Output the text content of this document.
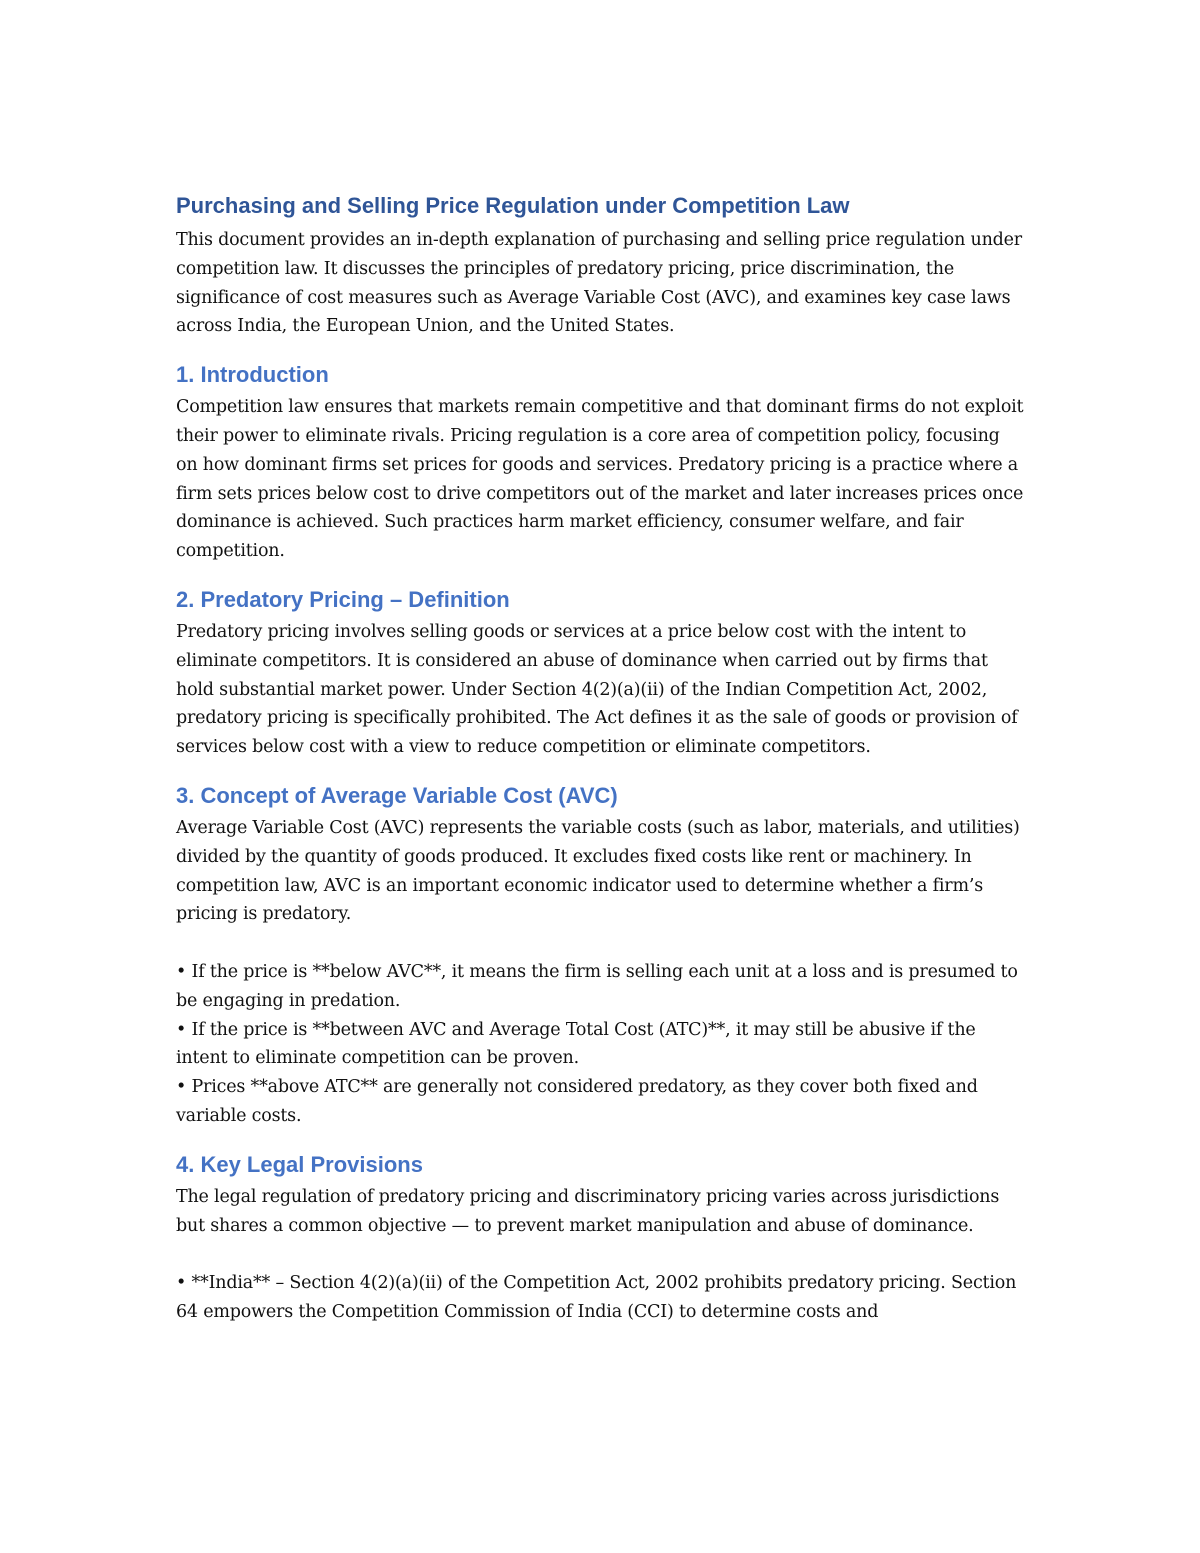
Purchasing and Selling Price Regulation under Competition Law

This document provides an in-depth explanation of purchasing and selling price regulation under competition law. It discusses the principles of predatory pricing, price discrimination, the significance of cost measures such as Average Variable Cost (AVC), and examines key case laws across India, the European Union, and the United States.

1. Introduction

Competition law ensures that markets remain competitive and that dominant firms do not exploit their power to eliminate rivals. Pricing regulation is a core area of competition policy, focusing on how dominant firms set prices for goods and services. Predatory pricing is a practice where a firm sets prices below cost to drive competitors out of the market and later increases prices once dominance is achieved. Such practices harm market efficiency, consumer welfare, and fair competition.

2. Predatory Pricing – Definition

Predatory pricing involves selling goods or services at a price below cost with the intent to eliminate competitors. It is considered an abuse of dominance when carried out by firms that hold substantial market power. Under Section 4(2)(a)(ii) of the Indian Competition Act, 2002, predatory pricing is specifically prohibited. The Act defines it as the sale of goods or provision of services below cost with a view to reduce competition or eliminate competitors.

3. Concept of Average Variable Cost (AVC)

Average Variable Cost (AVC) represents the variable costs (such as labor, materials, and utilities) divided by the quantity of goods produced. It excludes fixed costs like rent or machinery. In competition law, AVC is an important economic indicator used to determine whether a firm’s pricing is predatory.

• If the price is **below AVC**, it means the firm is selling each unit at a loss and is presumed to be engaging in predation.

• If the price is **between AVC and Average Total Cost (ATC)**, it may still be abusive if the intent to eliminate competition can be proven.

• Prices **above ATC** are generally not considered predatory, as they cover both fixed and variable costs.

4. Key Legal Provisions

The legal regulation of predatory pricing and discriminatory pricing varies across jurisdictions but shares a common objective — to prevent market manipulation and abuse of dominance.

• **India** – Section 4(2)(a)(ii) of the Competition Act, 2002 prohibits predatory pricing. Section 64 empowers the Competition Commission of India (CCI) to determine costs and
